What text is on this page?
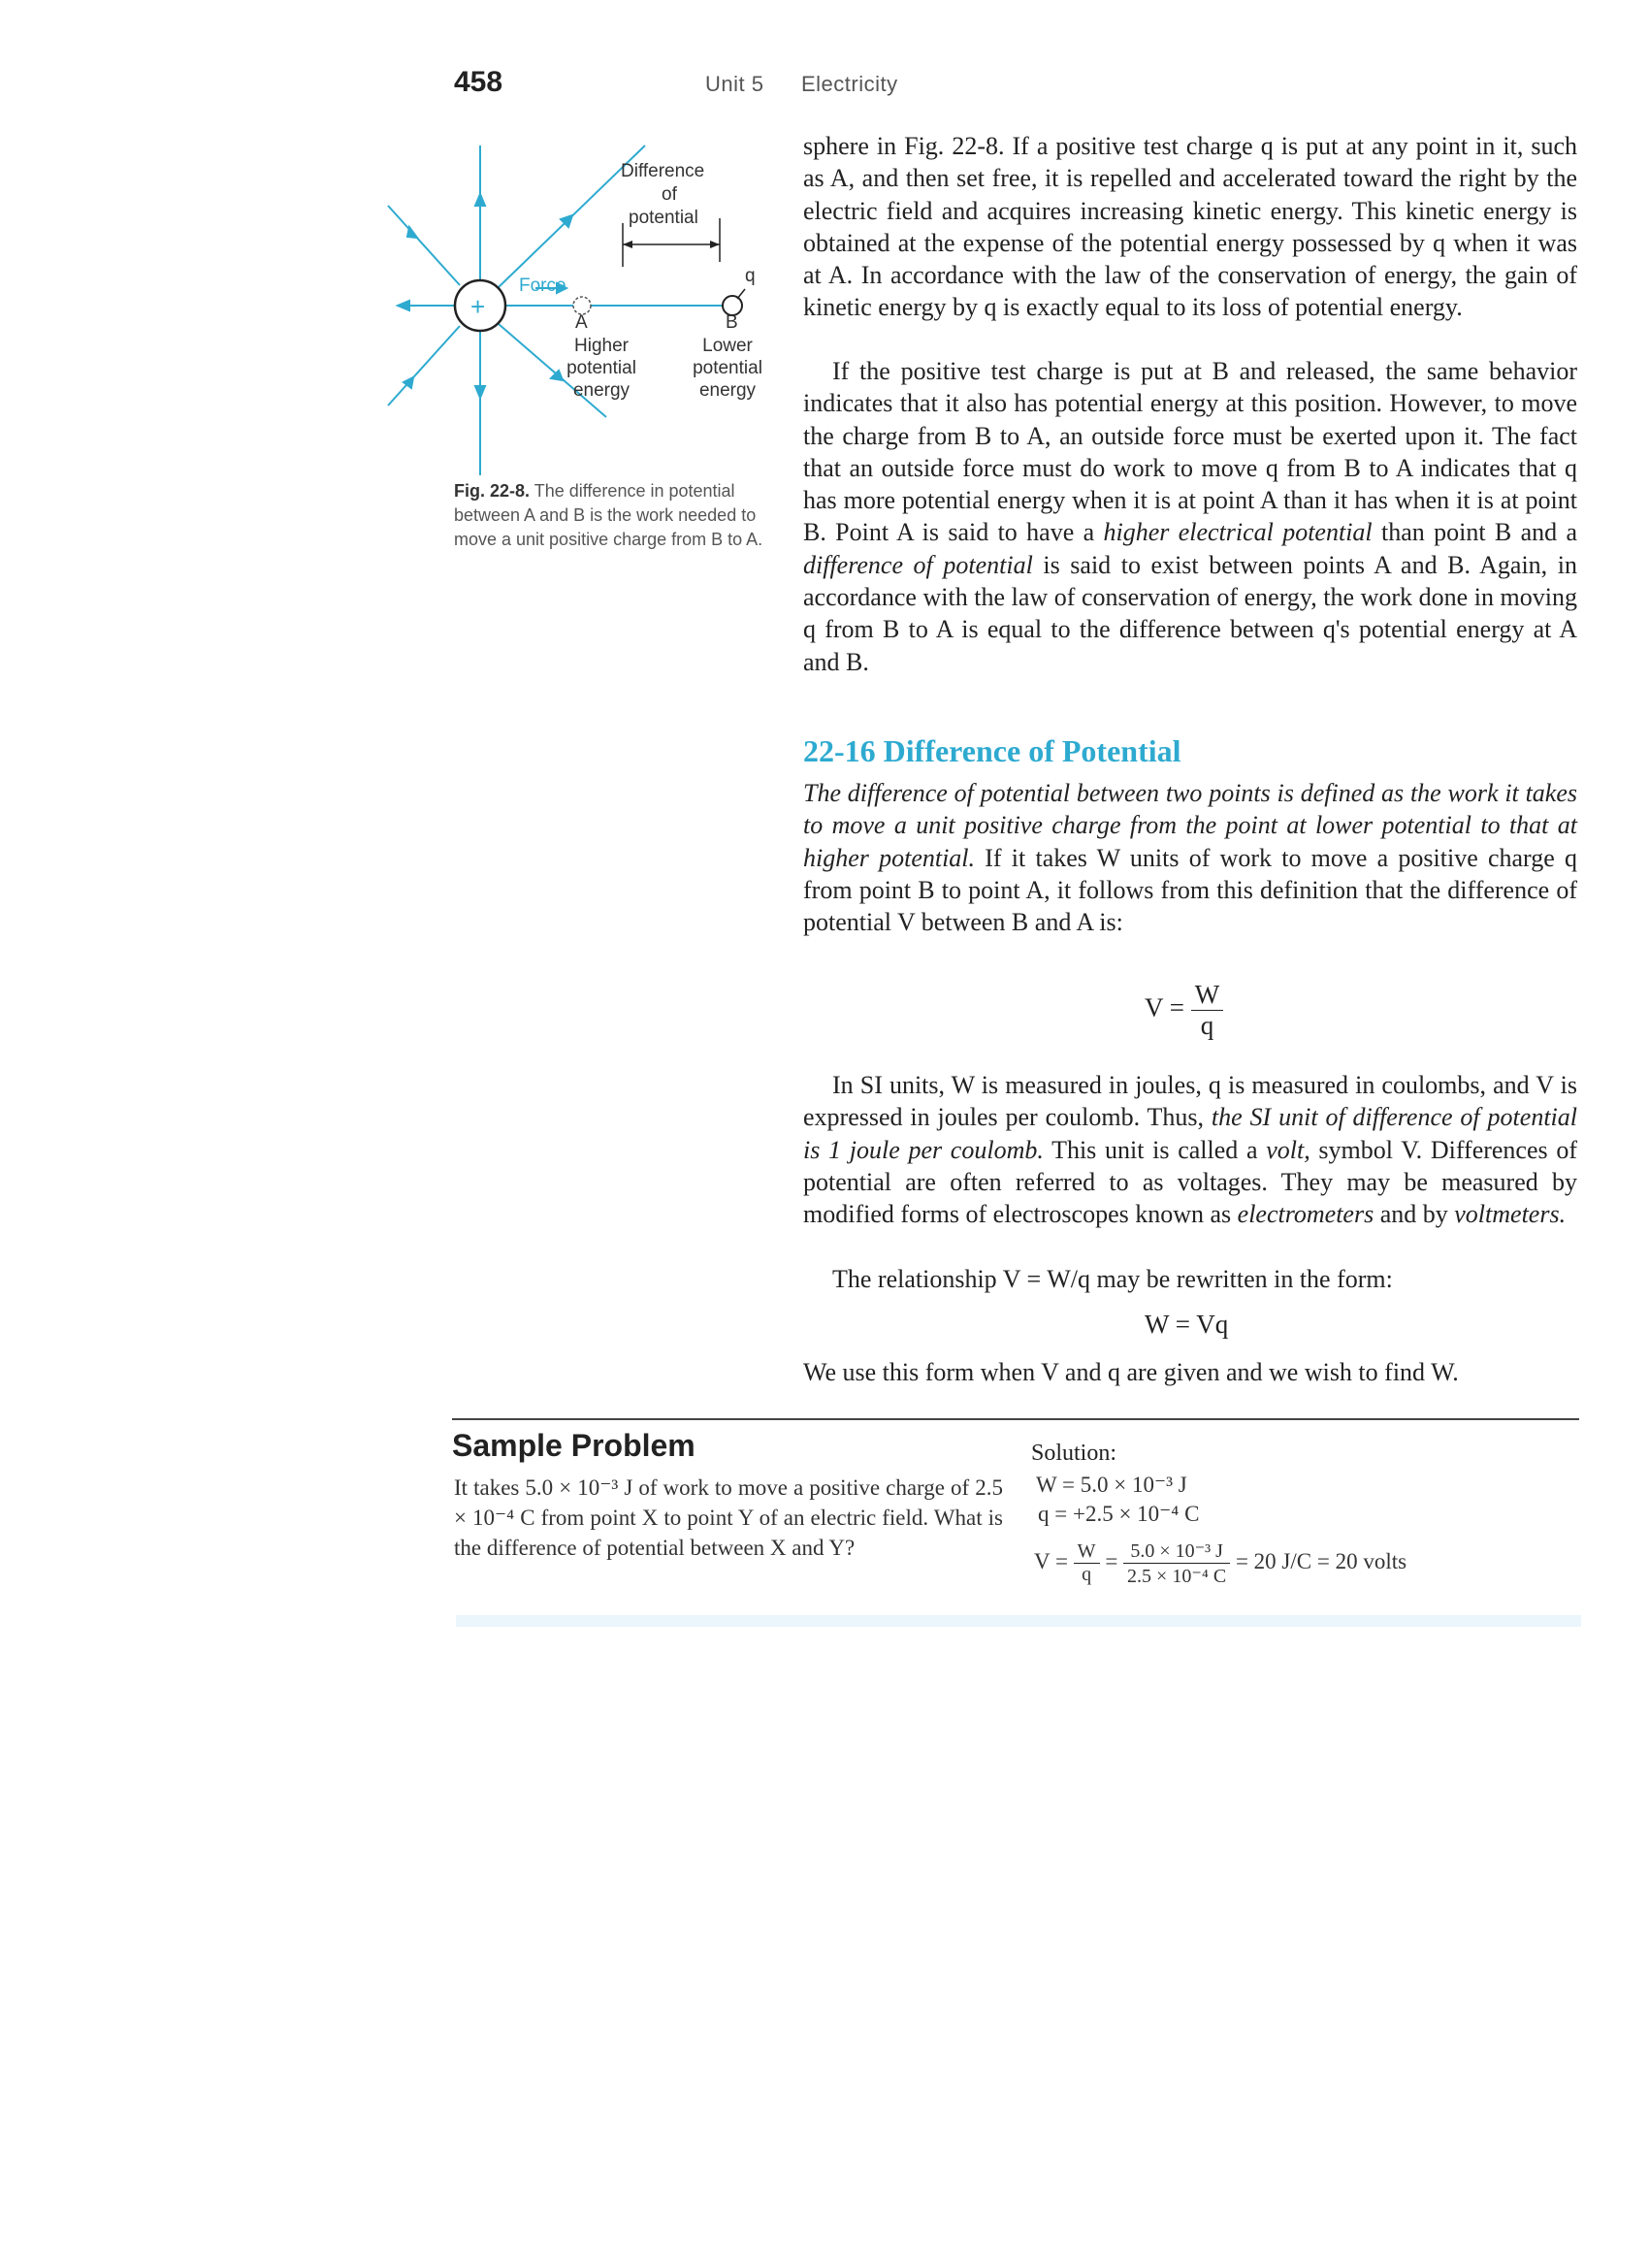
458	Unit 5 Electricity
Difference
of
potential
q
Force
+
A	B
Higher
potential
energy
Lower
potential
energy
Fig. 22-8. The difference in potential between A and B is the work needed to move a unit positive charge from B to A.

sphere in Fig. 22-8. If a positive test charge q is put at any point in it, such as A, and then set free, it is repelled and accelerated toward the right by the electric field and acquires increasing kinetic energy. This kinetic energy is obtained at the expense of the potential energy possessed by q when it was at A. In accordance with the law of the conservation of energy, the gain of kinetic energy by q is exactly equal to its loss of potential energy.

If the positive test charge is put at B and released, the same behavior indicates that it also has potential energy at this position. However, to move the charge from B to A, an outside force must be exerted upon it. The fact that an outside force must do work to move q from B to A indicates that q has more potential energy when it is at point A than it has when it is at point B. Point A is said to have a higher electrical potential than point B and a difference of potential is said to exist between points A and B. Again, in accordance with the law of conservation of energy, the work done in moving q from B to A is equal to the difference between q's potential energy at A and B.

22-16 Difference of Potential

The difference of potential between two points is defined as the work it takes to move a unit positive charge from the point at lower potential to that at higher potential. If it takes W units of work to move a positive charge q from point B to point A, it follows from this definition that the difference of potential V between B and A is:

$V = \frac{W}{q}$

In SI units, W is measured in joules, q is measured in coulombs, and V is expressed in joules per coulomb. Thus, the SI unit of difference of potential is 1 joule per coulomb. This unit is called a volt, symbol V. Differences of potential are often referred to as voltages. They may be measured by modified forms of electroscopes known as electrometers and by voltmeters.

The relationship V = W/q may be rewritten in the form:

W = Vq

We use this form when V and q are given and we wish to find W.

Sample Problem
It takes 5.0 × 10⁻³ J of work to move a positive charge of 2.5 × 10⁻⁴ C from point X to point Y of an electric field. What is the difference of potential between X and Y?
Solution:
W = 5.0 × 10⁻³ J
q = +2.5 × 10⁻⁴ C
$V = \frac{W}{q} = \frac{\text{5.0 × 10⁻³ J}}{\text{2.5 × 10⁻⁴ C}} = 20$ J/C = 20 volts
